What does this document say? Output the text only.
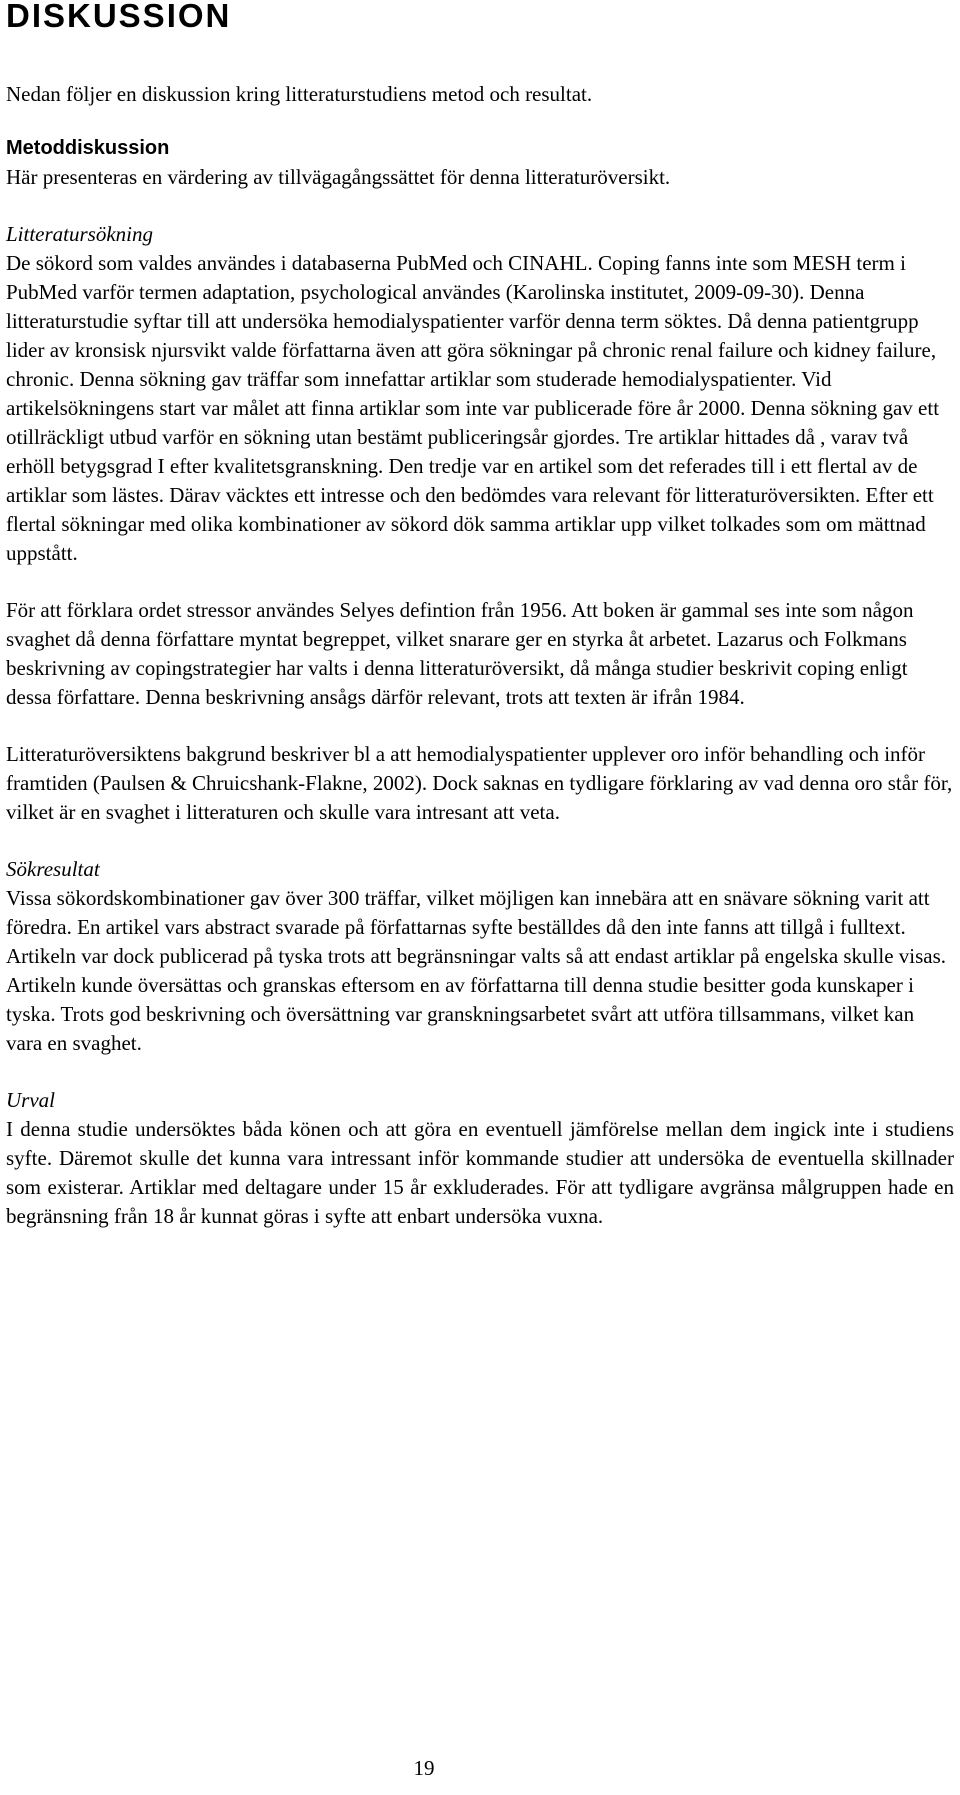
DISKUSSION

Nedan följer en diskussion kring litteraturstudiens metod och resultat.

Metoddiskussion
Här presenteras en värdering av tillvägagångssättet för denna litteraturöversikt.
Litteratursökning
De sökord som valdes användes i databaserna PubMed och CINAHL. Coping fanns inte som MESH term i PubMed varför termen adaptation, psychological användes (Karolinska institutet, 2009-09-30). Denna litteraturstudie syftar till att undersöka hemodialyspatienter varför denna term söktes. Då denna patientgrupp lider av kronsisk njursvikt valde författarna även att göra sökningar på chronic renal failure och kidney failure, chronic. Denna sökning gav träffar som innefattar artiklar som studerade hemodialyspatienter. Vid artikelsökningens start var målet att finna artiklar som inte var publicerade före år 2000. Denna sökning gav ett otillräckligt utbud varför en sökning utan bestämt publiceringsår gjordes. Tre artiklar hittades då , varav två erhöll betygsgrad I efter kvalitetsgranskning. Den tredje var en artikel som det referades till i ett flertal av de artiklar som lästes. Därav väcktes ett intresse och den bedömdes vara relevant för litteraturöversikten. Efter ett flertal sökningar med olika kombinationer av sökord dök samma artiklar upp vilket tolkades som om mättnad uppstått.
För att förklara ordet stressor användes Selyes defintion från 1956. Att boken är gammal ses inte som någon svaghet då denna författare myntat begreppet, vilket snarare ger en styrka åt arbetet. Lazarus och Folkmans beskrivning av copingstrategier har valts i denna litteraturöversikt, då många studier beskrivit coping enligt dessa författare. Denna beskrivning ansågs därför relevant, trots att texten är ifrån 1984.
Litteraturöversiktens bakgrund beskriver bl a att hemodialyspatienter upplever oro inför behandling och inför framtiden (Paulsen & Chruicshank-Flakne, 2002). Dock saknas en tydligare förklaring av vad denna oro står för, vilket är en svaghet i litteraturen och skulle vara intresant att veta.
Sökresultat
Vissa sökordskombinationer gav över 300 träffar, vilket möjligen kan innebära att en snävare sökning varit att föredra. En artikel vars abstract svarade på författarnas syfte beställdes då den inte fanns att tillgå i fulltext. Artikeln var dock publicerad på tyska trots att begränsningar valts så att endast artiklar på engelska skulle visas. Artikeln kunde översättas och granskas eftersom en av författarna till denna studie besitter goda kunskaper i tyska. Trots god beskrivning och översättning var granskningsarbetet svårt att utföra tillsammans, vilket kan vara en svaghet.
Urval
I denna studie undersöktes båda könen och att göra en eventuell jämförelse mellan dem ingick inte i studiens syfte. Däremot skulle det kunna vara intressant inför kommande studier att undersöka de eventuella skillnader som existerar. Artiklar med deltagare under 15 år exkluderades. För att tydligare avgränsa målgruppen hade en begränsning från 18 år kunnat göras i syfte att enbart undersöka vuxna.
19
